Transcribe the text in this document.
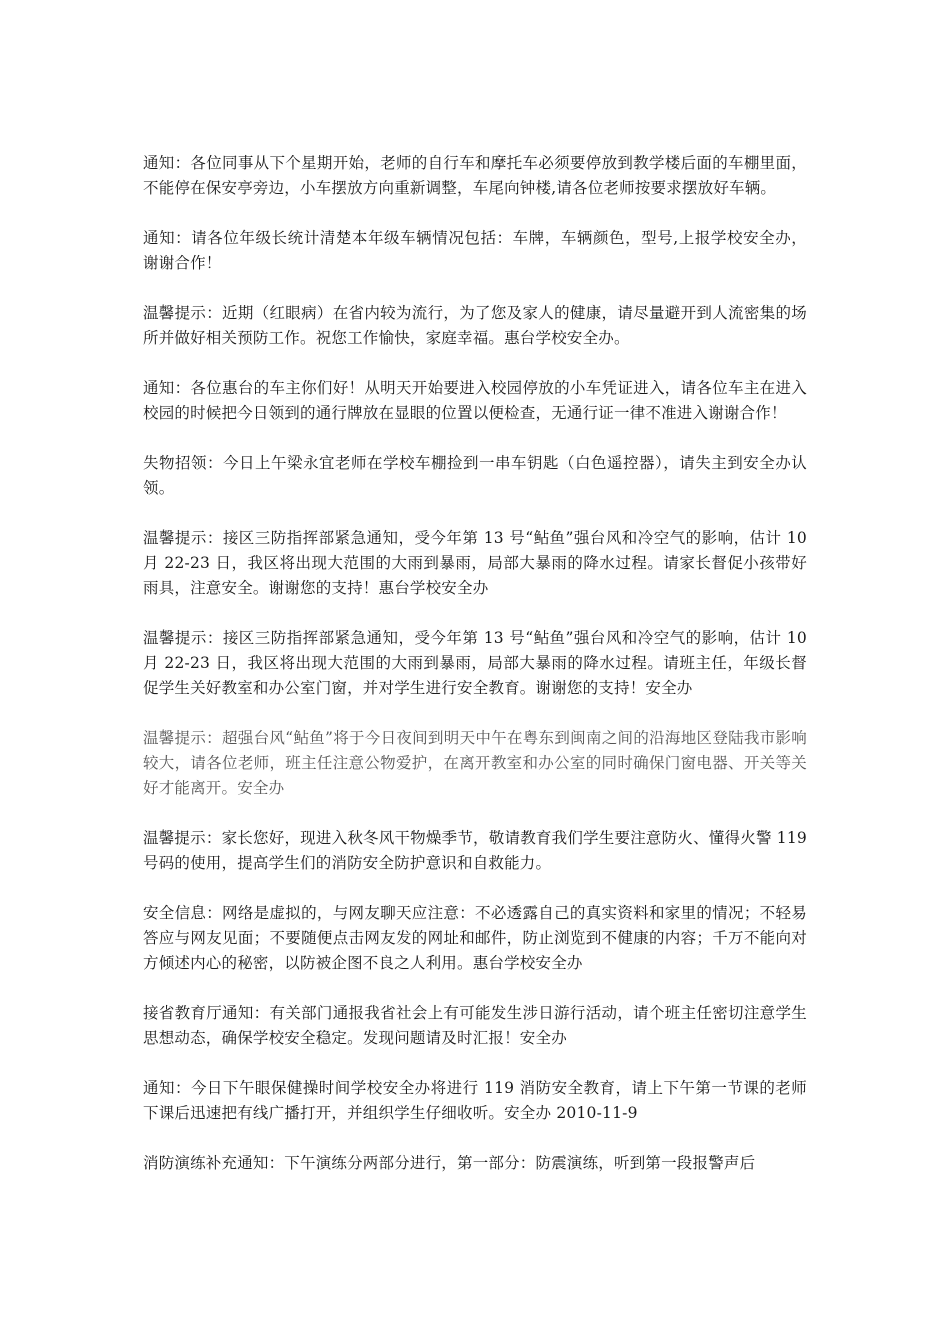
通知：各位同事从下个星期开始，老师的自行车和摩托车必须要停放到教学楼后面的车棚里面，不能停在保安亭旁边，小车摆放方向重新调整，车尾向钟楼,请各位老师按要求摆放好车辆。

通知：请各位年级长统计清楚本年级车辆情况包括：车牌，车辆颜色，型号,上报学校安全办，谢谢合作！

温馨提示：近期（红眼病）在省内较为流行，为了您及家人的健康，请尽量避开到人流密集的场所并做好相关预防工作。祝您工作愉快，家庭幸福。惠台学校安全办。

通知：各位惠台的车主你们好！从明天开始要进入校园停放的小车凭证进入，请各位车主在进入校园的时候把今日领到的通行牌放在显眼的位置以便检查，无通行证一律不准进入谢谢合作！

失物招领：今日上午梁永宜老师在学校车棚捡到一串车钥匙（白色遥控器），请失主到安全办认领。

温馨提示：接区三防指挥部紧急通知，受今年第 13 号“鲇鱼”强台风和冷空气的影响，估计 10 月 22-23 日，我区将出现大范围的大雨到暴雨，局部大暴雨的降水过程。请家长督促小孩带好雨具，注意安全。谢谢您的支持！惠台学校安全办

温馨提示：接区三防指挥部紧急通知，受今年第 13 号“鲇鱼”强台风和冷空气的影响，估计 10 月 22-23 日，我区将出现大范围的大雨到暴雨，局部大暴雨的降水过程。请班主任，年级长督促学生关好教室和办公室门窗，并对学生进行安全教育。谢谢您的支持！安全办

温馨提示：超强台风“鲇鱼”将于今日夜间到明天中午在粤东到闽南之间的沿海地区登陆我市影响较大，请各位老师，班主任注意公物爱护，在离开教室和办公室的同时确保门窗电器、开关等关好才能离开。安全办

温馨提示：家长您好，现进入秋冬风干物燥季节，敬请教育我们学生要注意防火、懂得火警 119 号码的使用，提高学生们的消防安全防护意识和自救能力。

安全信息：网络是虚拟的，与网友聊天应注意：不必透露自己的真实资料和家里的情况；不轻易答应与网友见面；不要随便点击网友发的网址和邮件，防止浏览到不健康的内容；千万不能向对方倾述内心的秘密，以防被企图不良之人利用。惠台学校安全办

接省教育厅通知：有关部门通报我省社会上有可能发生涉日游行活动，请个班主任密切注意学生思想动态，确保学校安全稳定。发现问题请及时汇报！安全办

通知：今日下午眼保健操时间学校安全办将进行 119 消防安全教育，请上下午第一节课的老师下课后迅速把有线广播打开，并组织学生仔细收听。安全办 2010-11-9

消防演练补充通知：下午演练分两部分进行，第一部分：防震演练，听到第一段报警声后
